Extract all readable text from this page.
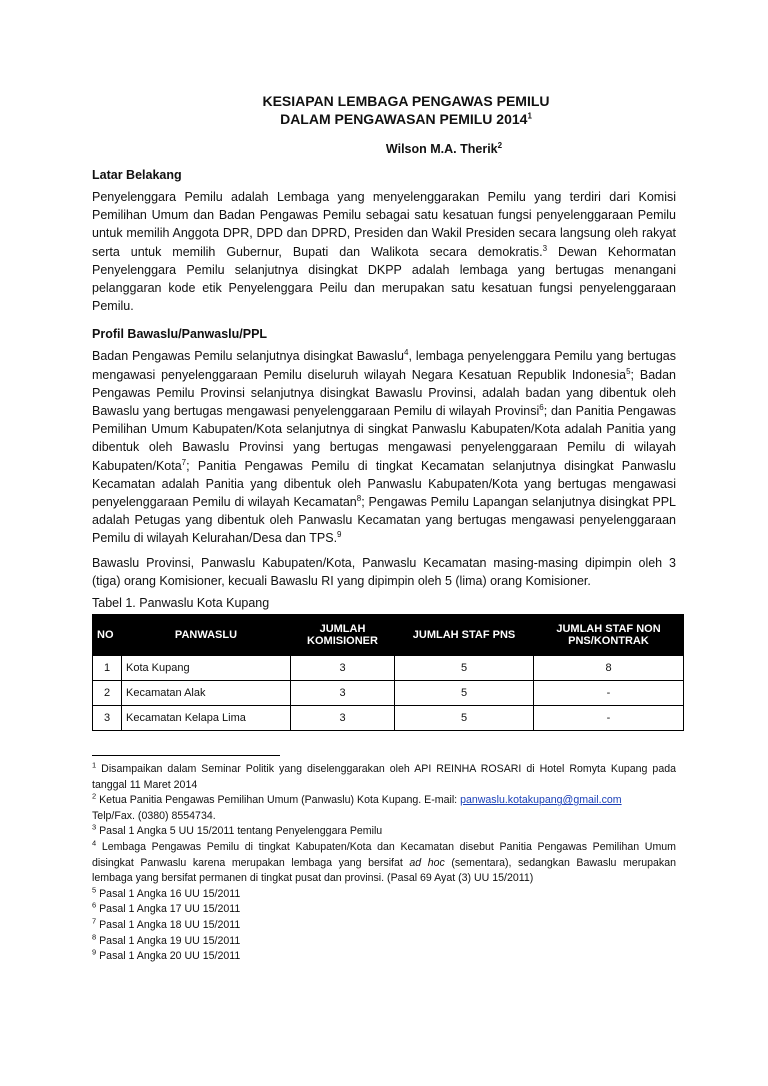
KESIAPAN LEMBAGA PENGAWAS PEMILU
DALAM PENGAWASAN PEMILU 2014$^1$
Wilson M.A. Therik$^2$
Latar Belakang

Penyelenggara Pemilu adalah Lembaga yang menyelenggarakan Pemilu yang terdiri dari Komisi Pemilihan Umum dan Badan Pengawas Pemilu sebagai satu kesatuan fungsi penyelenggaraan Pemilu untuk memilih Anggota DPR, DPD dan DPRD, Presiden dan Wakil Presiden secara langsung oleh rakyat serta untuk memilih Gubernur, Bupati dan Walikota secara demokratis.$^3$ Dewan Kehormatan Penyelenggara Pemilu selanjutnya disingkat DKPP adalah lembaga yang bertugas menangani pelanggaran kode etik Penyelenggara Peilu dan merupakan satu kesatuan fungsi penyelenggaraan Pemilu.

Profil Bawaslu/Panwaslu/PPL

Badan Pengawas Pemilu selanjutnya disingkat Bawaslu$^4$, lembaga penyelenggara Pemilu yang bertugas mengawasi penyelenggaraan Pemilu diseluruh wilayah Negara Kesatuan Republik Indonesia$^5$; Badan Pengawas Pemilu Provinsi selanjutnya disingkat Bawaslu Provinsi, adalah badan yang dibentuk oleh Bawaslu yang bertugas mengawasi penyelenggaraan Pemilu di wilayah Provinsi$^6$; dan Panitia Pengawas Pemilihan Umum Kabupaten/Kota selanjutnya di singkat Panwaslu Kabupaten/Kota adalah Panitia yang dibentuk oleh Bawaslu Provinsi yang bertugas mengawasi penyelenggaraan Pemilu di wilayah Kabupaten/Kota$^7$; Panitia Pengawas Pemilu di tingkat Kecamatan selanjutnya disingkat Panwaslu Kecamatan adalah Panitia yang dibentuk oleh Panwaslu Kabupaten/Kota yang bertugas mengawasi penyelenggaraan Pemilu di wilayah Kecamatan$^8$; Pengawas Pemilu Lapangan selanjutnya disingkat PPL adalah Petugas yang dibentuk oleh Panwaslu Kecamatan yang bertugas mengawasi penyelenggaraan Pemilu di wilayah Kelurahan/Desa dan TPS.$^9$

Bawaslu Provinsi, Panwaslu Kabupaten/Kota, Panwaslu Kecamatan masing-masing dipimpin oleh 3 (tiga) orang Komisioner, kecuali Bawaslu RI yang dipimpin oleh 5 (lima) orang Komisioner.

Tabel 1. Panwaslu Kota Kupang
NO	PANWASLU	JUMLAH KOMISIONER	JUMLAH STAF PNS	JUMLAH STAF NON PNS/KONTRAK
1	Kota Kupang	3	5	8
2	Kecamatan Alak	3	5	-
3	Kecamatan Kelapa Lima	3	5	-
$^1$ Disampaikan dalam Seminar Politik yang diselenggarakan oleh API REINHA ROSARI di Hotel Romyta Kupang pada tanggal 11 Maret 2014
$^2$ Ketua Panitia Pengawas Pemilihan Umum (Panwaslu) Kota Kupang. E-mail: panwaslu.kotakupang@gmail.com
Telp/Fax. (0380) 8554734.
$^3$ Pasal 1 Angka 5 UU 15/2011 tentang Penyelenggara Pemilu
$^4$ Lembaga Pengawas Pemilu di tingkat Kabupaten/Kota dan Kecamatan disebut Panitia Pengawas Pemilihan Umum disingkat Panwaslu karena merupakan lembaga yang bersifat ad hoc (sementara), sedangkan Bawaslu merupakan lembaga yang bersifat permanen di tingkat pusat dan provinsi. (Pasal 69 Ayat (3) UU 15/2011)
$^5$ Pasal 1 Angka 16 UU 15/2011
$^6$ Pasal 1 Angka 17 UU 15/2011
$^7$ Pasal 1 Angka 18 UU 15/2011
$^8$ Pasal 1 Angka 19 UU 15/2011
$^9$ Pasal 1 Angka 20 UU 15/2011
